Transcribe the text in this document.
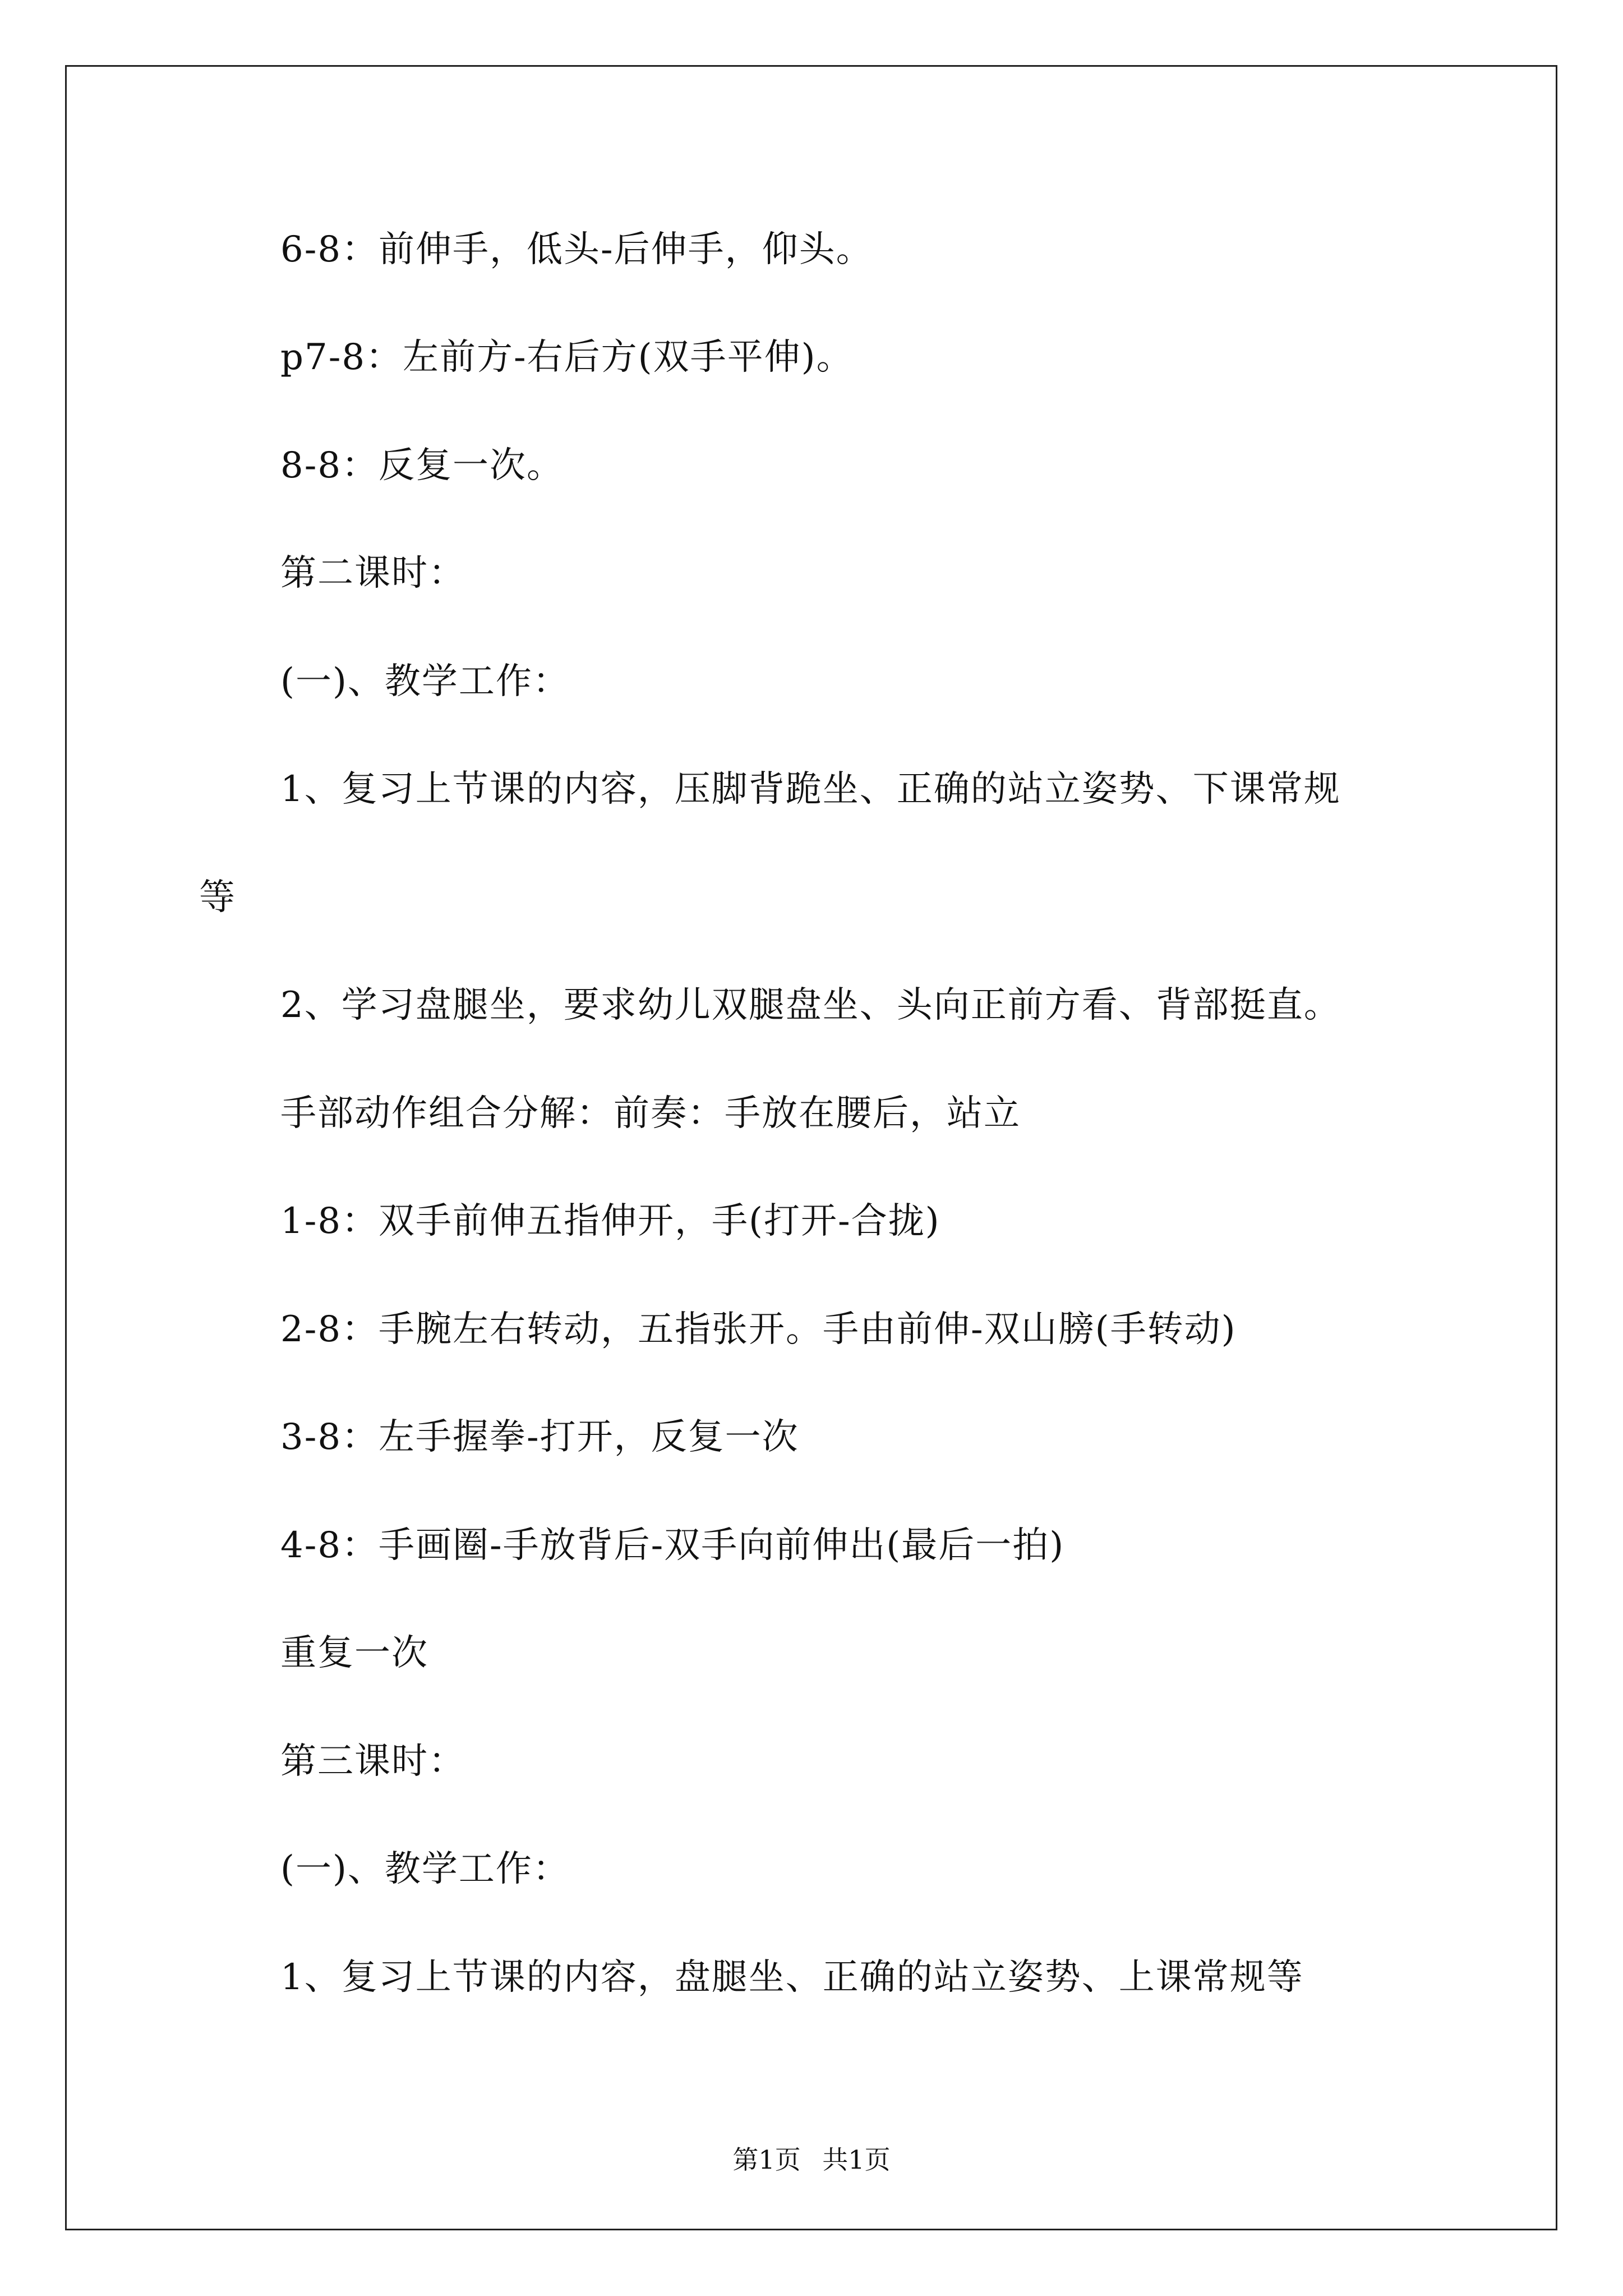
6-8：前伸手，低头-后伸手，仰头。
p7-8：左前方-右后方(双手平伸)。
8-8：反复一次。
第二课时：
(一)、教学工作：
1、复习上节课的内容，压脚背跪坐、正确的站立姿势、下课常规
等
2、学习盘腿坐，要求幼儿双腿盘坐、头向正前方看、背部挺直。
手部动作组合分解：前奏：手放在腰后，站立
1-8：双手前伸五指伸开，手(打开-合拢)
2-8：手腕左右转动，五指张开。手由前伸-双山膀(手转动)
3-8：左手握拳-打开，反复一次
4-8：手画圈-手放背后-双手向前伸出(最后一拍)
重复一次
第三课时：
(一)、教学工作：
1、复习上节课的内容，盘腿坐、正确的站立姿势、上课常规等
第1页 共1页
